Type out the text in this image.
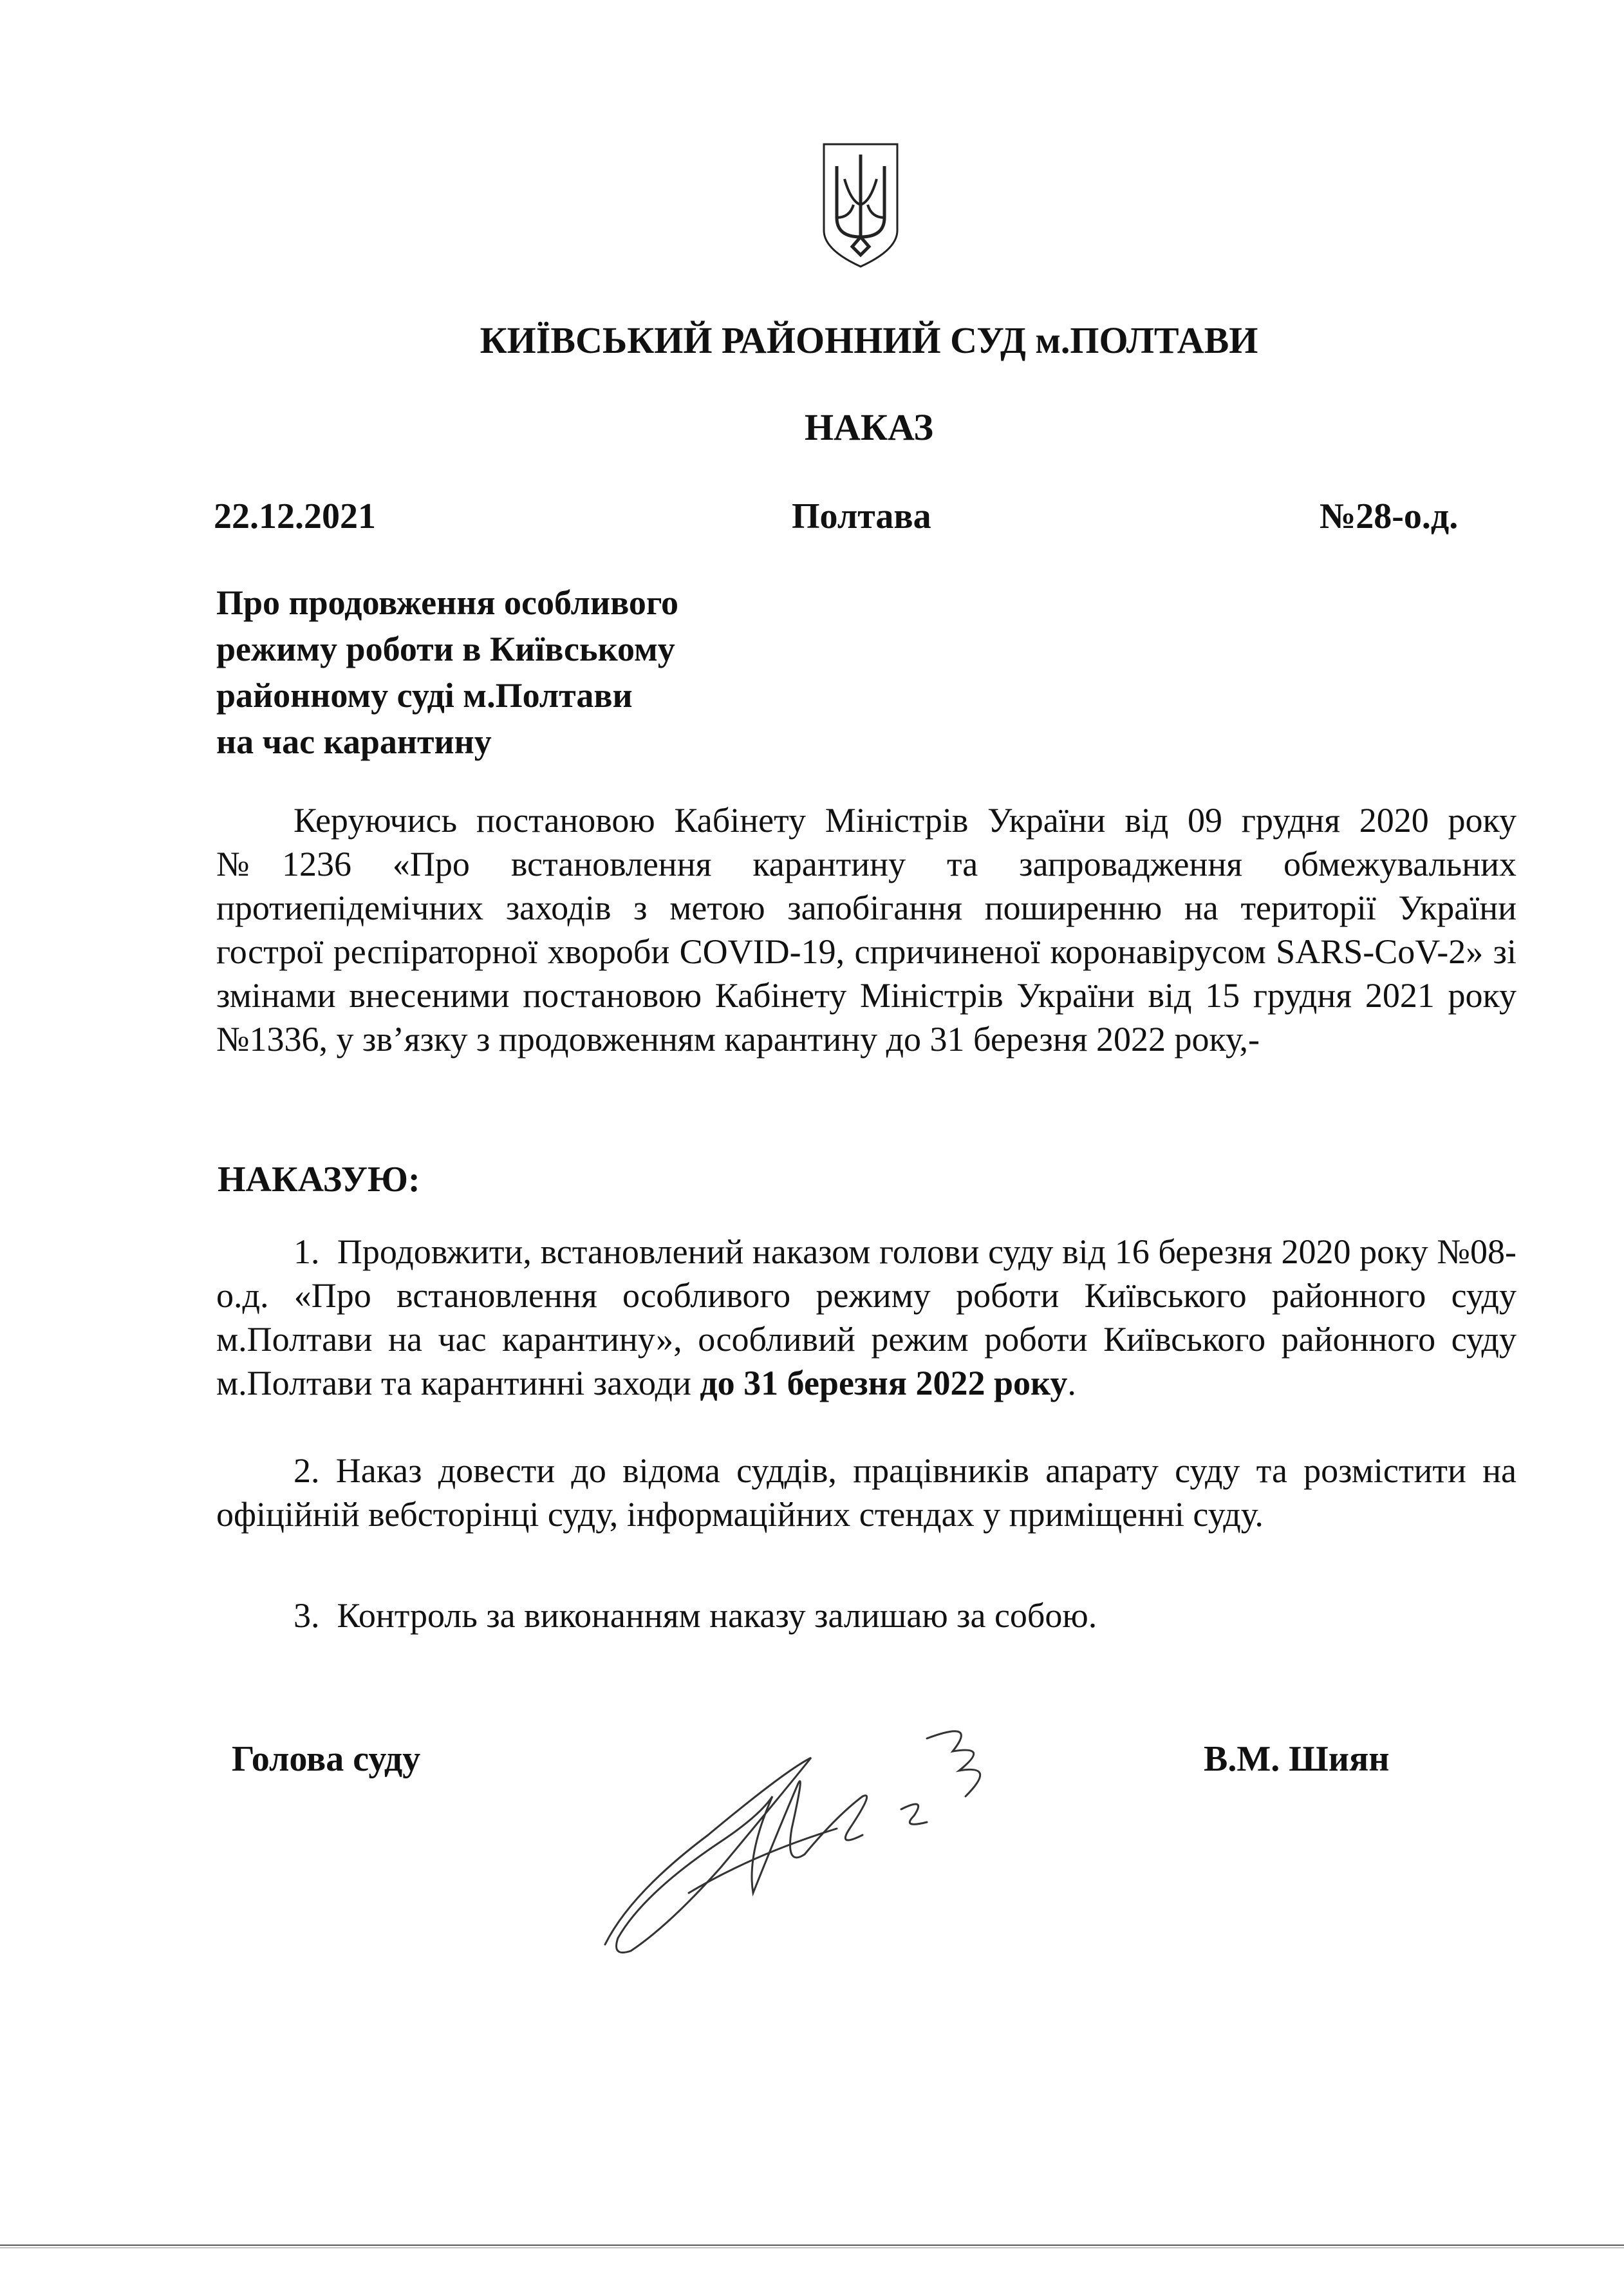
КИЇВСЬКИЙ РАЙОННИЙ СУД м.ПОЛТАВИ
НАКАЗ
22.12.2021	Полтава	№28-о.д.
Про продовження особливого
режиму роботи в Київському
районному суді м.Полтави
на час карантину
Керуючись постановою Кабінету Міністрів України від 09 грудня 2020 року №1236 «Про встановлення карантину та запровадження обмежувальних протиепідемічних заходів з метою запобігання поширенню на території України гострої респіраторної хвороби COVID-19, спричиненої коронавірусом SARS-CoV-2» зі змінами внесеними постановою Кабінету Міністрів України від 15 грудня 2021 року №1336, у зв’язку з продовженням карантину до 31 березня 2022 року,-
НАКАЗУЮ:
1. Продовжити, встановлений наказом голови суду від 16 березня 2020 року №08-о.д. «Про встановлення особливого режиму роботи Київського районного суду м.Полтави на час карантину», особливий режим роботи Київського районного суду м.Полтави та карантинні заходи до 31 березня 2022 року.
2. Наказ довести до відома суддів, працівників апарату суду та розмістити на офіційній вебсторінці суду, інформаційних стендах у приміщенні суду.
3. Контроль за виконанням наказу залишаю за собою.
Голова суду	В.М. Шиян
